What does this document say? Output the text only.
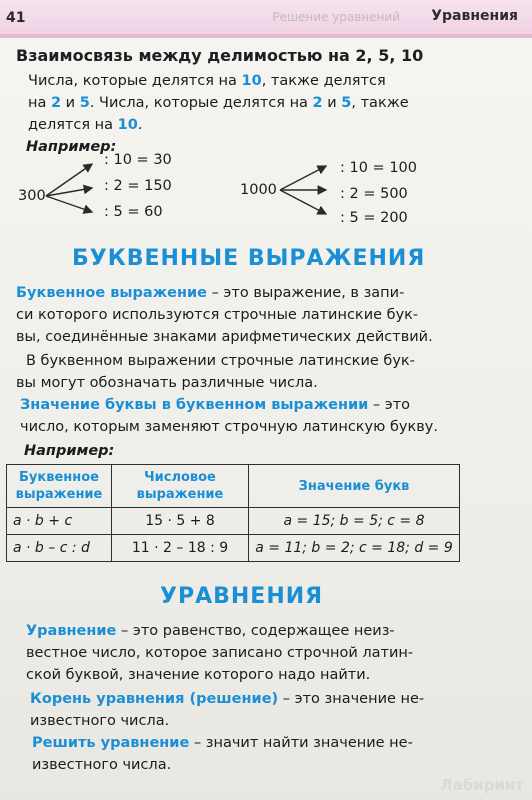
41	Решение уравнений Уравнения
Взаимосвязь между делимостью на 2, 5, 10
Числа, которые делятся на 10, также делятся
на 2 и 5. Числа, которые делятся на 2 и 5, также
делятся на 10.
Например:
300
: 10 = 30
: 2 = 150
: 5 = 60
1000
: 10 = 100
: 2 = 500
: 5 = 200
БУКВЕННЫЕ ВЫРАЖЕНИЯ
Буквенное выражение – это выражение, в запи-
си которого используются строчные латинские бук-
вы, соединённые знаками арифметических действий.
В буквенном выражении строчные латинские бук-
вы могут обозначать различные числа.
Значение буквы в буквенном выражении – это
число, которым заменяют строчную латинскую букву.
Например:
Буквенное выражение	Числовое выражение	Значение букв
a · b + c	15 · 5 + 8	a = 15; b = 5; c = 8
a · b – c : d	11 · 2 – 18 : 9	a = 11; b = 2; c = 18; d = 9
УРАВНЕНИЯ
Уравнение – это равенство, содержащее неиз-
вестное число, которое записано строчной латин-
ской буквой, значение которого надо найти.
Корень уравнения (решение) – это значение не-
известного числа.
Решить уравнение – значит найти значение не-
известного числа.
Лабиринт
